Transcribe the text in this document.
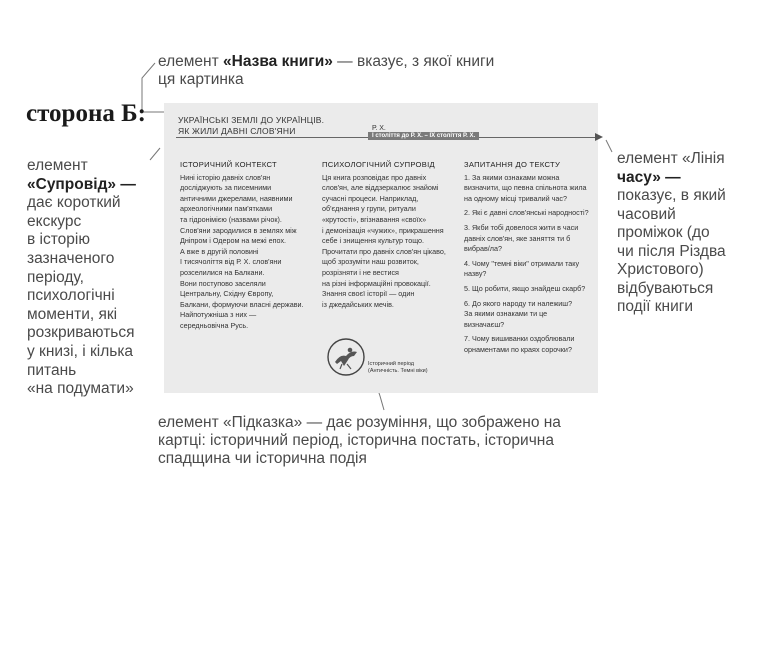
сторона Б:
елемент «Назва книги» — вказує, з якої книги
ця картинка
елемент «Лінія
часу» —
показує, в який
часовий
проміжок (до
чи після Різдва
Христового)
відбуваються
події книги
елемент
«Супровід» —
дає короткий
екскурс
в історію
зазначеного
періоду,
психологічні
моменти, які
розкриваються
у книзі, і кілька
питань
«на подумати»
елемент «Підказка» — дає розуміння, що зображено на
картці: історичний період, історична постать, історична
спадщина чи історична подія
УКРАЇНСЬКІ ЗЕМЛІ ДО УКРАЇНЦІВ.
ЯК ЖИЛИ ДАВНІ СЛОВ'ЯНИ	Р. Х.
I століття до Р. Х. – IX століття Р. Х.
ІСТОРИЧНИЙ КОНТЕКСТ

Нині історію давніх слов'ян

досліджують за писемними

античними джерелами, наявними

археологічними пам'ятками

та гідронімією (назвами річок).

Слов'яни зародилися в землях між

Дніпром і Одером на межі епох.

А вже в другій половині

I тисячоліття від Р. Х. слов'яни

розселилися на Балкани.

Вони поступово заселяли

Центральну, Східну Європу,

Балкани, формуючи власні держави.

Найпотужніша з них —

середньовічна Русь.

ПСИХОЛОГІЧНИЙ СУПРОВІД

Ця книга розповідає про давніх

слов'ян, але віддзеркалює знайомі

сучасні процеси. Наприклад,

об'єднання у групи, ритуали

«крутості», вгізнавання «своїх»

і демонізація «чужих», прикрашення

себе і знищення культур тощо.

Прочитати про давніх слов'ян цікаво,

щоб зрозуміти наш розвиток,

розрізняти і не вестися

на різні інформаційні провокації.

Знання своєї історії — один

із джедайських мечів.

ЗАПИТАННЯ ДО ТЕКСТУ

1. За якими ознаками можна
визначити, що певна спільнота жила
на одному місці тривалий час?

2. Які є давні слов'янські народності?

3. Якби тобі довелося жити в часи
давніх слов'ян, яке заняття ти б
вибрав/ла?

4. Чому "темні віки" отримали таку
назву?

5. Що робити, якщо знайдеш скарб?

6. До якого народу ти належиш?
За якими ознаками ти це
визначаєш?

7. Чому вишиванки оздоблювали
орнаментами по краях сорочки?

Історичний період
(Античність. Темні віки)
